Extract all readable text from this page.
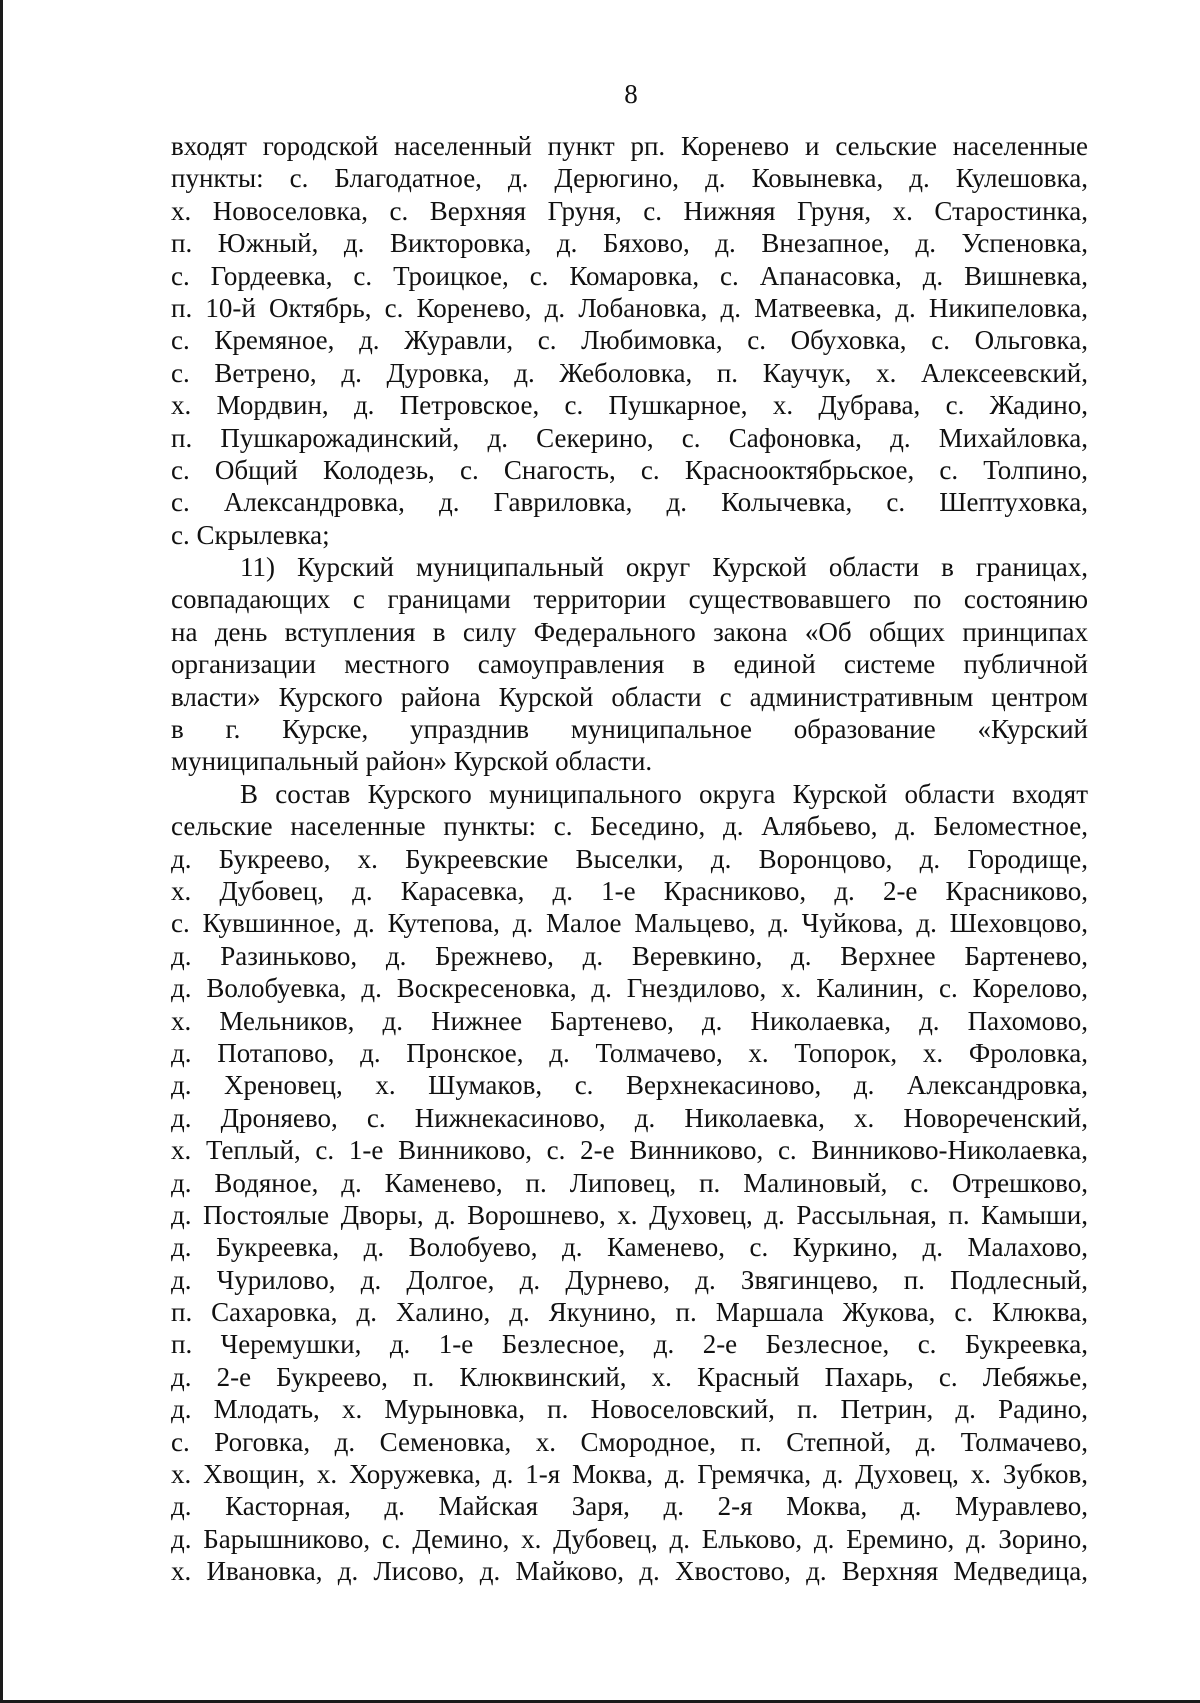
8
входят городской населенный пункт рп. Коренево и сельские населенные
пункты: с. Благодатное, д. Дерюгино, д. Ковыневка, д. Кулешовка,
х. Новоселовка, с. Верхняя Груня, с. Нижняя Груня, х. Старостинка,
п. Южный, д. Викторовка, д. Бяхово, д. Внезапное, д. Успеновка,
с. Гордеевка, с. Троицкое, с. Комаровка, с. Апанасовка, д. Вишневка,
п. 10-й Октябрь, с. Коренево, д. Лобановка, д. Матвеевка, д. Никипеловка,
с. Кремяное, д. Журавли, с. Любимовка, с. Обуховка, с. Ольговка,
с. Ветрено, д. Дуровка, д. Жеболовка, п. Каучук, х. Алексеевский,
х. Мордвин, д. Петровское, с. Пушкарное, х. Дубрава, с. Жадино,
п. Пушкарожадинский, д. Секерино, с. Сафоновка, д. Михайловка,
с. Общий Колодезь, с. Снагость, с. Краснооктябрьское, с. Толпино,
с. Александровка, д. Гавриловка, д. Колычевка, с. Шептуховка,
с. Скрылевка;
11) Курский муниципальный округ Курской области в границах,
совпадающих с границами территории существовавшего по состоянию
на день вступления в силу Федерального закона «Об общих принципах
организации местного самоуправления в единой системе публичной
власти» Курского района Курской области с административным центром
в г. Курске, упразднив муниципальное образование «Курский
муниципальный район» Курской области.
В состав Курского муниципального округа Курской области входят
сельские населенные пункты: с. Беседино, д. Алябьево, д. Беломестное,
д. Букреево, х. Букреевские Выселки, д. Воронцово, д. Городище,
х. Дубовец, д. Карасевка, д. 1-е Красниково, д. 2-е Красниково,
с. Кувшинное, д. Кутепова, д. Малое Мальцево, д. Чуйкова, д. Шеховцово,
д. Разиньково, д. Брежнево, д. Веревкино, д. Верхнее Бартенево,
д. Волобуевка, д. Воскресеновка, д. Гнездилово, х. Калинин, с. Корелово,
х. Мельников, д. Нижнее Бартенево, д. Николаевка, д. Пахомово,
д. Потапово, д. Пронское, д. Толмачево, х. Топорок, х. Фроловка,
д. Хреновец, х. Шумаков, с. Верхнекасиново, д. Александровка,
д. Дроняево, с. Нижнекасиново, д. Николаевка, х. Новореченский,
х. Теплый, с. 1-е Винниково, с. 2-е Винниково, с. Винниково-Николаевка,
д. Водяное, д. Каменево, п. Липовец, п. Малиновый, с. Отрешково,
д. Постоялые Дворы, д. Ворошнево, х. Духовец, д. Рассыльная, п. Камыши,
д. Букреевка, д. Волобуево, д. Каменево, с. Куркино, д. Малахово,
д. Чурилово, д. Долгое, д. Дурнево, д. Звягинцево, п. Подлесный,
п. Сахаровка, д. Халино, д. Якунино, п. Маршала Жукова, с. Клюква,
п. Черемушки, д. 1-е Безлесное, д. 2-е Безлесное, с. Букреевка,
д. 2-е Букреево, п. Клюквинский, х. Красный Пахарь, с. Лебяжье,
д. Млодать, х. Мурыновка, п. Новоселовский, п. Петрин, д. Радино,
с. Роговка, д. Семеновка, х. Смородное, п. Степной, д. Толмачево,
х. Хвощин, х. Хоружевка, д. 1-я Моква, д. Гремячка, д. Духовец, х. Зубков,
д. Касторная, д. Майская Заря, д. 2-я Моква, д. Муравлево,
д. Барышниково, с. Демино, х. Дубовец, д. Ельково, д. Еремино, д. Зорино,
х. Ивановка, д. Лисово, д. Майково, д. Хвостово, д. Верхняя Медведица,
